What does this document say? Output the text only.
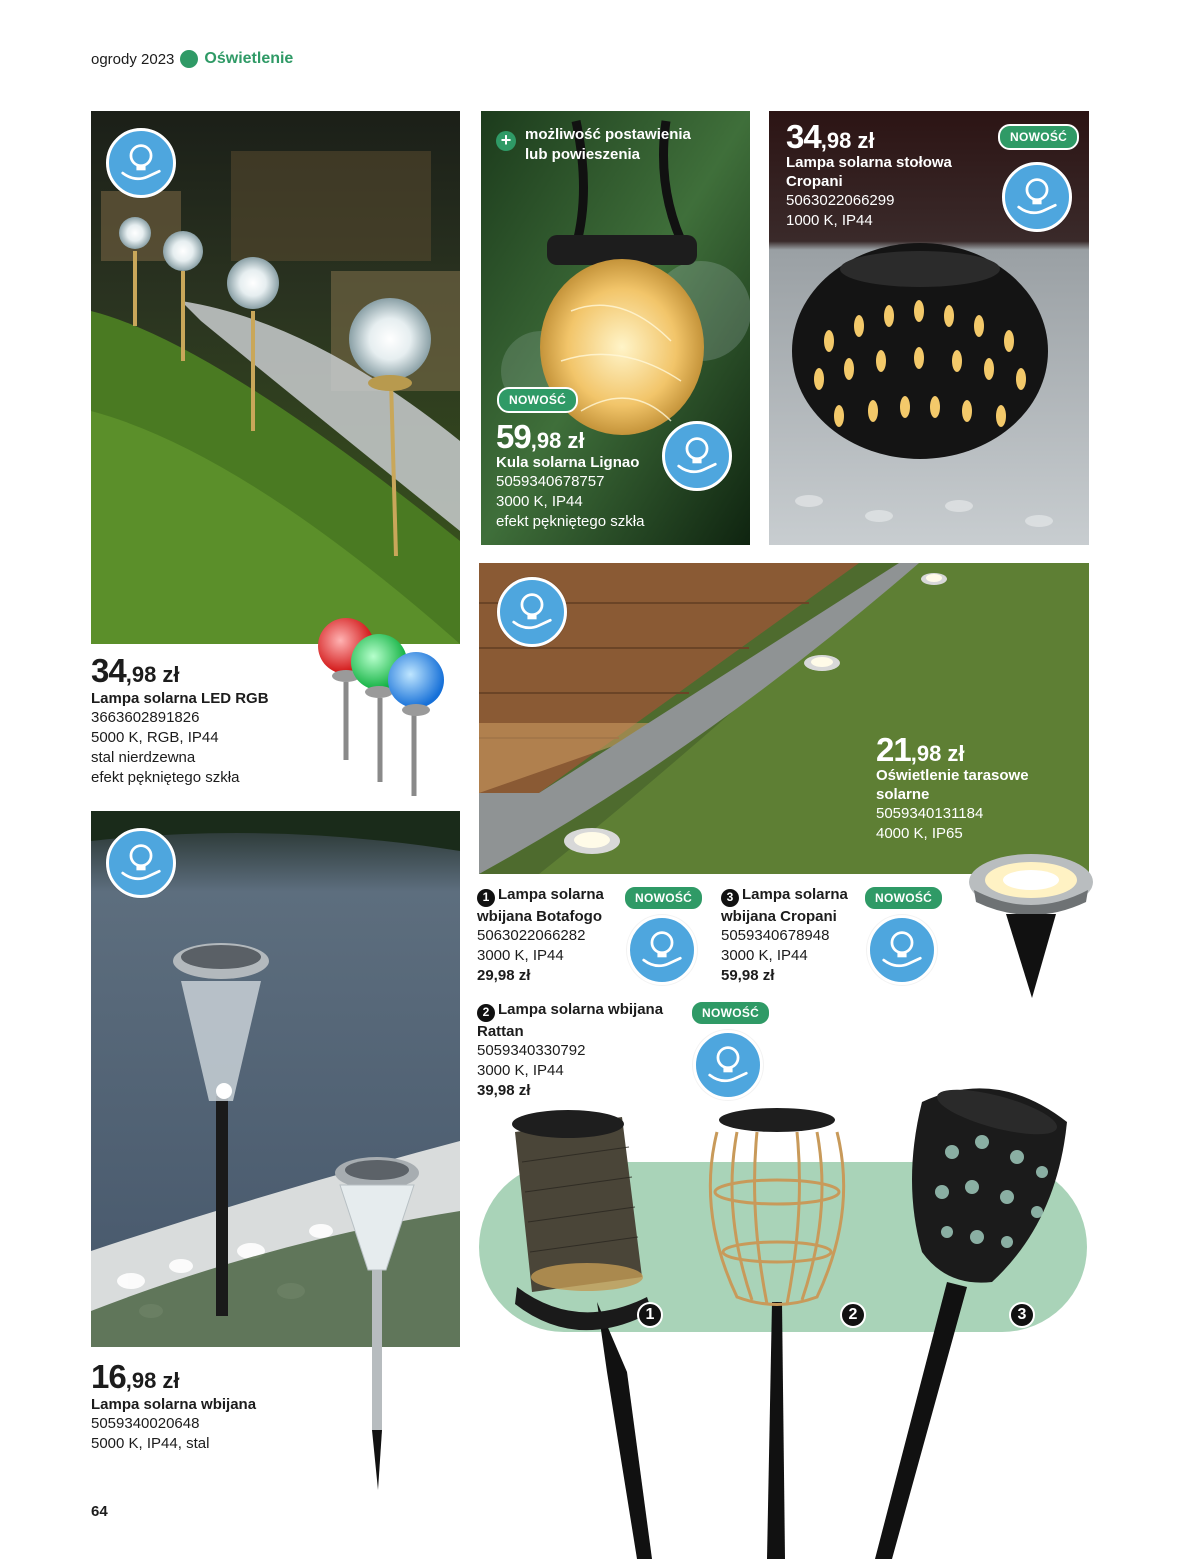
ogrody 2023 Oświetlenie
34,98 zł
Lampa solarna LED RGB
3663602891826
5000 K, RGB, IP44
stal nierdzewna
efekt pękniętego szkła
+ możliwość postawienia
lub powieszenia
NOWOŚĆ
59,98 zł
Kula solarna Lignao
5059340678757
3000 K, IP44
efekt pękniętego szkła
NOWOŚĆ
34,98 zł
Lampa solarna stołowa
Cropani
5063022066299
1000 K, IP44
21,98 zł
Oświetlenie tarasowe
solarne
5059340131184
4000 K, IP65
1 Lampa solarna
wbijana Botafogo
5063022066282
3000 K, IP44
29,98 zł
NOWOŚĆ	3 Lampa solarna
wbijana Cropani
5059340678948
3000 K, IP44
59,98 zł
NOWOŚĆ
2 Lampa solarna wbijana
Rattan
5059340330792
3000 K, IP44
39,98 zł
NOWOŚĆ
1	2	3
16,98 zł
Lampa solarna wbijana
5059340020648
5000 K, IP44, stal
64
